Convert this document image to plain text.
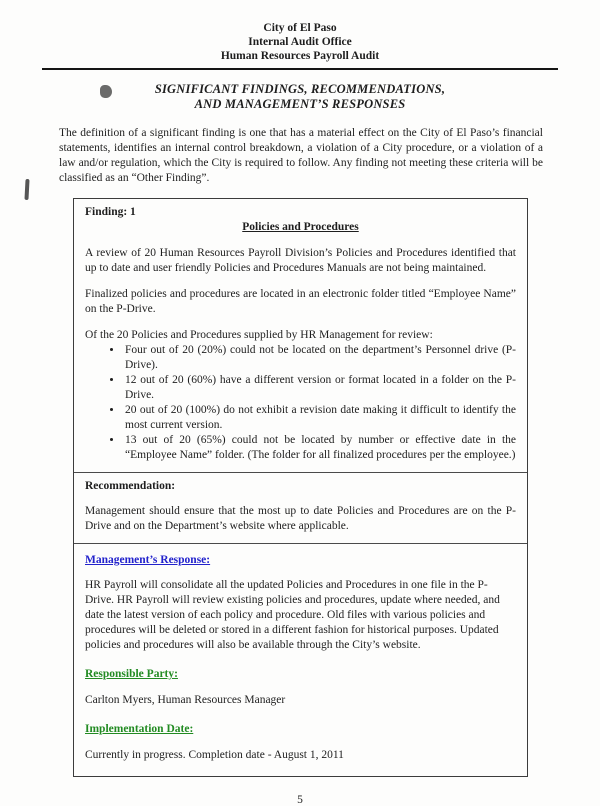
City of El Paso
Internal Audit Office
Human Resources Payroll Audit
SIGNIFICANT FINDINGS, RECOMMENDATIONS,
AND MANAGEMENT’S RESPONSES

The definition of a significant finding is one that has a material effect on the City of El Paso’s financial statements, identifies an internal control breakdown, a violation of a City procedure, or a violation of a law and/or regulation, which the City is required to follow. Any finding not meeting these criteria will be classified as an “Other Finding”.

Finding: 1
Policies and Procedures

A review of 20 Human Resources Payroll Division’s Policies and Procedures identified that up to date and user friendly Policies and Procedures Manuals are not being maintained.

Finalized policies and procedures are located in an electronic folder titled “Employee Name” on the P-Drive.

Of the 20 Policies and Procedures supplied by HR Management for review:
• Four out of 20 (20%) could not be located on the department’s Personnel drive (P-Drive).
• 12 out of 20 (60%) have a different version or format located in a folder on the P-Drive.
• 20 out of 20 (100%) do not exhibit a revision date making it difficult to identify the most current version.
• 13 out of 20 (65%) could not be located by number or effective date in the “Employee Name” folder. (The folder for all finalized procedures per the employee.)
Recommendation:

Management should ensure that the most up to date Policies and Procedures are on the P-Drive and on the Department’s website where applicable.

Management’s Response:

HR Payroll will consolidate all the updated Policies and Procedures in one file in the P-Drive. HR Payroll will review existing policies and procedures, update where needed, and date the latest version of each policy and procedure. Old files with various policies and procedures will be deleted or stored in a different fashion for historical purposes. Updated policies and procedures will also be available through the City’s website.

Responsible Party:
Carlton Myers, Human Resources Manager
Implementation Date:
Currently in progress. Completion date - August 1, 2011
5
